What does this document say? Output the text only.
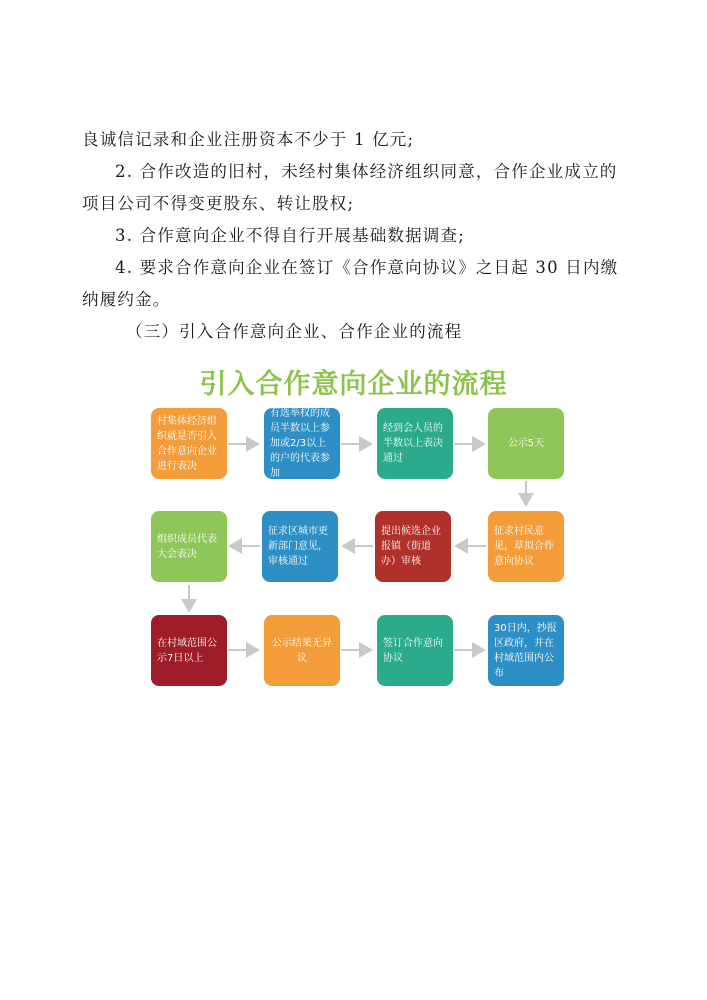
良诚信记录和企业注册资本不少于 1 亿元;

2. 合作改造的旧村，未经村集体经济组织同意，合作企业成立的项目公司不得变更股东、转让股权;

3. 合作意向企业不得自行开展基础数据调查;

4. 要求合作意向企业在签订《合作意向协议》之日起 30 日内缴纳履约金。

（三）引入合作意向企业、合作企业的流程

引入合作意向企业的流程
村集体经济组织就是否引入合作意向企业进行表决
有选举权的成员半数以上参加或2/3以上的户的代表参加
经到会人员的半数以上表决通过
公示5天
征求村民意见，草拟合作意向协议
提出候选企业报镇（街道办）审核
征求区城市更新部门意见，审核通过
组织成员代表大会表决
在村域范围公示7日以上
公示结果无异议
签订合作意向协议
30日内，抄报区政府，并在村域范围内公布
